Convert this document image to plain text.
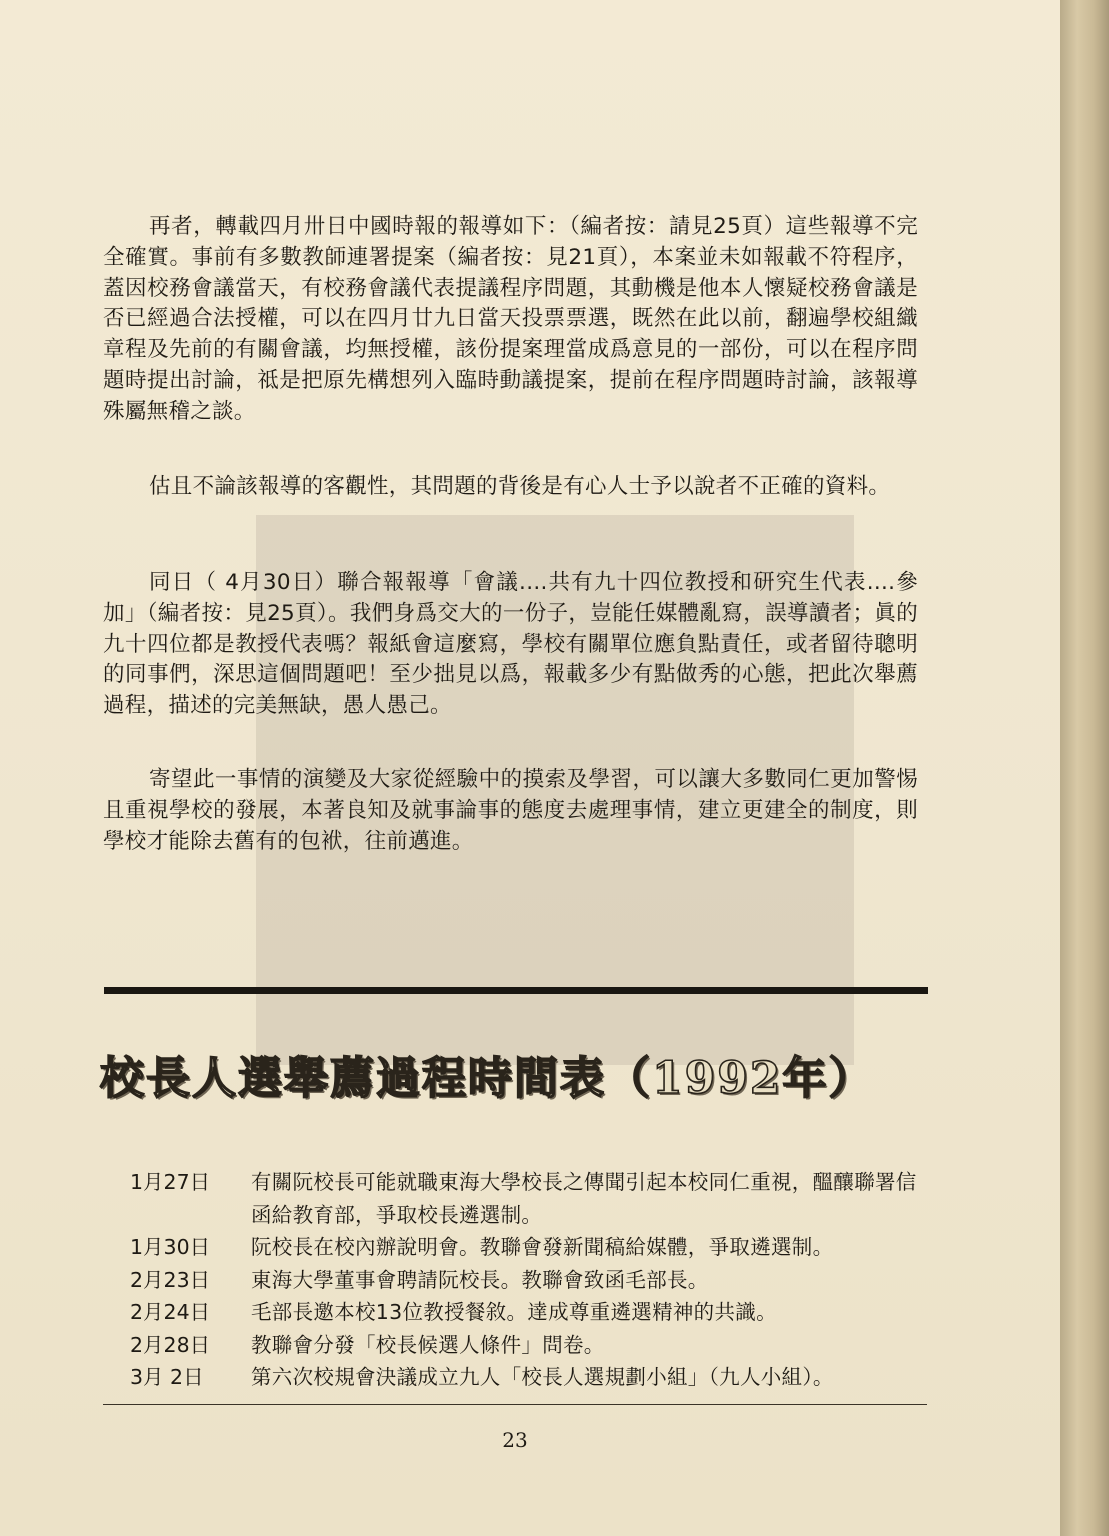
再者，轉載四月卅日中國時報的報導如下：（編者按：請見25頁）這些報導不完全確實。事前有多數教師連署提案（編者按：見21頁），本案並未如報載不符程序，蓋因校務會議當天，有校務會議代表提議程序問題，其動機是他本人懷疑校務會議是否已經過合法授權，可以在四月廿九日當天投票票選，既然在此以前，翻遍學校組織章程及先前的有關會議，均無授權，該份提案理當成爲意見的一部份，可以在程序問題時提出討論，祗是把原先構想列入臨時動議提案，提前在程序問題時討論，該報導殊屬無稽之談。

估且不論該報導的客觀性，其問題的背後是有心人士予以說者不正確的資料。

同日（ 4月30日）聯合報報導「會議....共有九十四位教授和研究生代表....參加」（編者按：見25頁）。我們身爲交大的一份子，豈能任媒體亂寫，誤導讀者；眞的九十四位都是教授代表嗎？報紙會這麼寫，學校有關單位應負點責任，或者留待聰明的同事們，深思這個問題吧！至少拙見以爲，報載多少有點做秀的心態，把此次舉薦過程，描述的完美無缺，愚人愚己。

寄望此一事情的演變及大家從經驗中的摸索及學習，可以讓大多數同仁更加警惕且重視學校的發展，本著良知及就事論事的態度去處理事情，建立更建全的制度，則學校才能除去舊有的包袱，往前邁進。

校長人選舉薦過程時間表（1992年）
1月27日	有關阮校長可能就職東海大學校長之傳聞引起本校同仁重視，醞釀聯署信函給教育部，爭取校長遴選制。
1月30日	阮校長在校內辦說明會。教聯會發新聞稿給媒體，爭取遴選制。
2月23日	東海大學董事會聘請阮校長。教聯會致函毛部長。
2月24日	毛部長邀本校13位教授餐敘。達成尊重遴選精神的共識。
2月28日	教聯會分發「校長候選人條件」問卷。
3月 2日	第六次校規會決議成立九人「校長人選規劃小組」（九人小組）。
23
